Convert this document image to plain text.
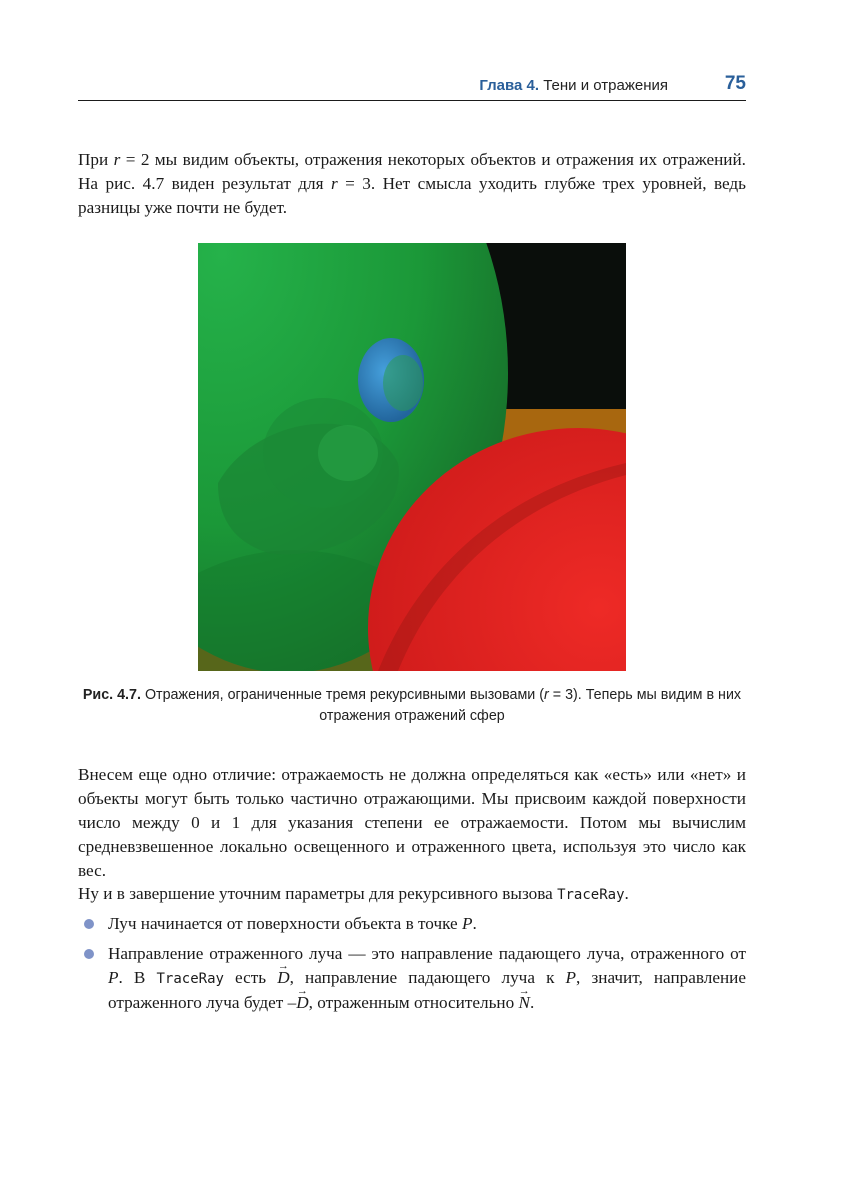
Глава 4. Тени и отражения	75

При r = 2 мы видим объекты, отражения некоторых объектов и отражения их отражений. На рис. 4.7 виден результат для r = 3. Нет смысла уходить глубже трех уровней, ведь разницы уже почти не будет.

Рис. 4.7. Отражения, ограниченные тремя рекурсивными вызовами (r = 3). Теперь мы видим в них отражения отражений сфер

Внесем еще одно отличие: отражаемость не должна определяться как «есть» или «нет» и объекты могут быть только частично отражающими. Мы присвоим каждой поверхности число между 0 и 1 для указания степени ее отражаемости. Потом мы вычислим средневзвешенное локально освещенного и отраженного цвета, используя это число как вес.

Ну и в завершение уточним параметры для рекурсивного вызова TraceRay.

Луч начинается от поверхности объекта в точке P.

Направление отраженного луча — это направление падающего луча, отраженного от P. В TraceRay есть → D, направление падающего луча к P, значит, направление отраженного луча будет –→ D, отраженным относительно → N.
